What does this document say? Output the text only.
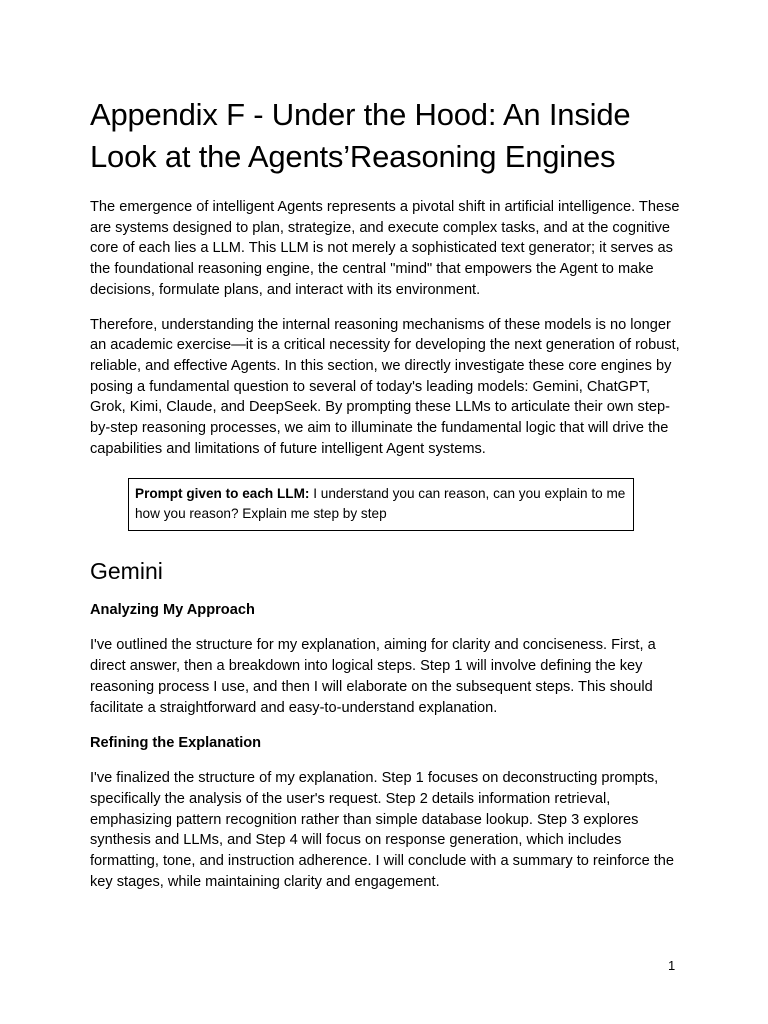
Appendix F - Under the Hood: An Inside Look at the Agents’Reasoning Engines

The emergence of intelligent Agents represents a pivotal shift in artificial intelligence. These are systems designed to plan, strategize, and execute complex tasks, and at the cognitive core of each lies a LLM. This LLM is not merely a sophisticated text generator; it serves as the foundational reasoning engine, the central "mind" that empowers the Agent to make decisions, formulate plans, and interact with its environment.

Therefore, understanding the internal reasoning mechanisms of these models is no longer an academic exercise—it is a critical necessity for developing the next generation of robust, reliable, and effective Agents. In this section, we directly investigate these core engines by posing a fundamental question to several of today's leading models: Gemini, ChatGPT, Grok, Kimi, Claude, and DeepSeek. By prompting these LLMs to articulate their own step-by-step reasoning processes, we aim to illuminate the fundamental logic that will drive the capabilities and limitations of future intelligent Agent systems.

Prompt given to each LLM: I understand you can reason, can you explain to me how you reason? Explain me step by step
Gemini
Analyzing My Approach

I've outlined the structure for my explanation, aiming for clarity and conciseness. First, a direct answer, then a breakdown into logical steps. Step 1 will involve defining the key reasoning process I use, and then I will elaborate on the subsequent steps. This should facilitate a straightforward and easy-to-understand explanation.

Refining the Explanation

I've finalized the structure of my explanation. Step 1 focuses on deconstructing prompts, specifically the analysis of the user's request. Step 2 details information retrieval, emphasizing pattern recognition rather than simple database lookup. Step 3 explores synthesis and LLMs, and Step 4 will focus on response generation, which includes formatting, tone, and instruction adherence. I will conclude with a summary to reinforce the key stages, while maintaining clarity and engagement.

1
